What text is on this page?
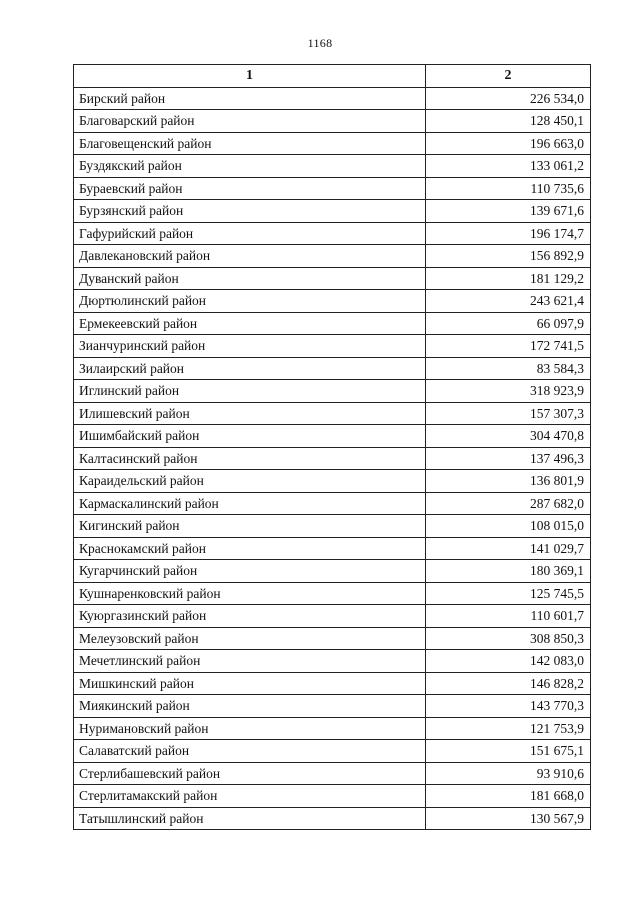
1168
1	2
Бирский район	226 534,0
Благоварский район	128 450,1
Благовещенский район	196 663,0
Буздякский район	133 061,2
Бураевский район	110 735,6
Бурзянский район	139 671,6
Гафурийский район	196 174,7
Давлекановский район	156 892,9
Дуванский район	181 129,2
Дюртюлинский район	243 621,4
Ермекеевский район	66 097,9
Зианчуринский район	172 741,5
Зилаирский район	83 584,3
Иглинский район	318 923,9
Илишевский район	157 307,3
Ишимбайский район	304 470,8
Калтасинский район	137 496,3
Караидельский район	136 801,9
Кармаскалинский район	287 682,0
Кигинский район	108 015,0
Краснокамский район	141 029,7
Кугарчинский район	180 369,1
Кушнаренковский район	125 745,5
Куюргазинский район	110 601,7
Мелеузовский район	308 850,3
Мечетлинский район	142 083,0
Мишкинский район	146 828,2
Миякинский район	143 770,3
Нуримановский район	121 753,9
Салаватский район	151 675,1
Стерлибашевский район	93 910,6
Стерлитамакский район	181 668,0
Татышлинский район	130 567,9
